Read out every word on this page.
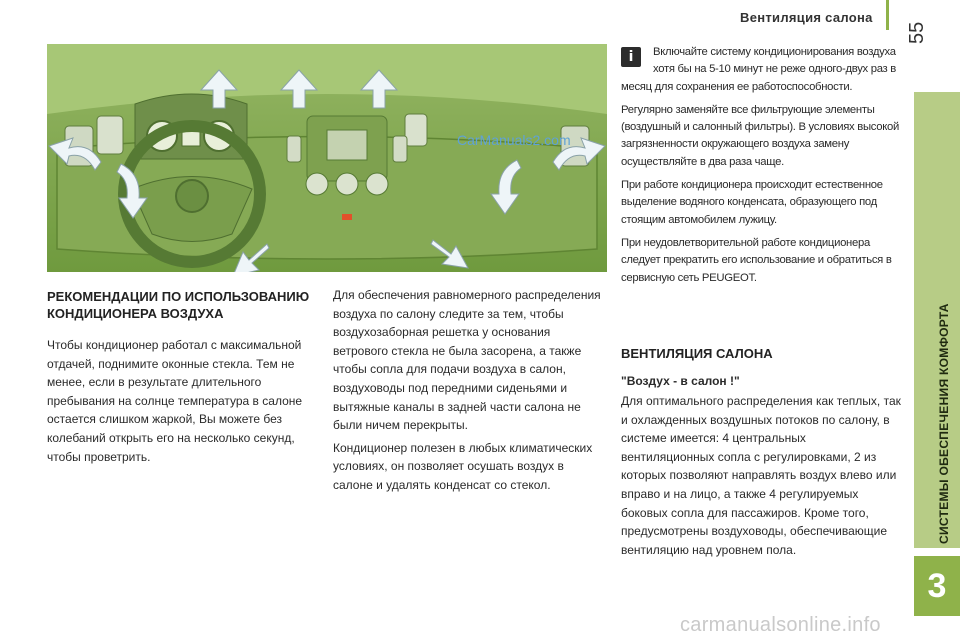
Вентиляция салона
55
СИСТЕМЫ ОБЕСПЕЧЕНИЯ КОМФОРТА
3
CarManuals2.com
РЕКОМЕНДАЦИИ ПО ИСПОЛЬЗОВАНИЮ КОНДИЦИОНЕРА ВОЗДУХА

Чтобы кондиционер работал с максимальной отдачей, поднимите оконные стекла. Тем не менее, если в результате длительного пребывания на солнце температура в салоне остается слишком жаркой, Вы можете без колебаний открыть его на несколько секунд, чтобы проветрить.

Для обеспечения равномерного распределения воздуха по салону следите за тем, чтобы воздухозаборная решетка у основания ветрового стекла не была засорена, а также чтобы сопла для подачи воздуха в салон, воздуховоды под передними сиденьями и вытяжные каналы в задней части салона не были ничем перекрыты.

Кондиционер полезен в любых климатических условиях, он позволяет осушать воздух в салоне и удалять конденсат со стекол.

i	Включайте систему кондиционирования воздуха хотя бы на 5-10 минут не реже одного-двух раз в месяц для сохранения ее работоспособности.

Регулярно заменяйте все фильтрующие элементы (воздушный и салонный фильтры). В условиях высокой загрязненности окружающего воздуха замену осуществляйте в два раза чаще.

При работе кондиционера происходит естественное выделение водяного конденсата, образующего под стоящим автомобилем лужицу.

При неудовлетворительной работе кондиционера следует прекратить его использование и обратиться в сервисную сеть PEUGEOT.

ВЕНТИЛЯЦИЯ САЛОНА

"Воздух - в салон !"

Для оптимального распределения как теплых, так и охлажденных воздушных потоков по салону, в системе имеется: 4 центральных вентиляционных сопла с регулировками, 2 из которых позволяют направлять воздух влево или вправо и на лицо, а также 4 регулируемых боковых сопла для пассажиров. Кроме того, предусмотрены воздуховоды, обеспечивающие вентиляцию над уровнем пола.

carmanualsonline.info
